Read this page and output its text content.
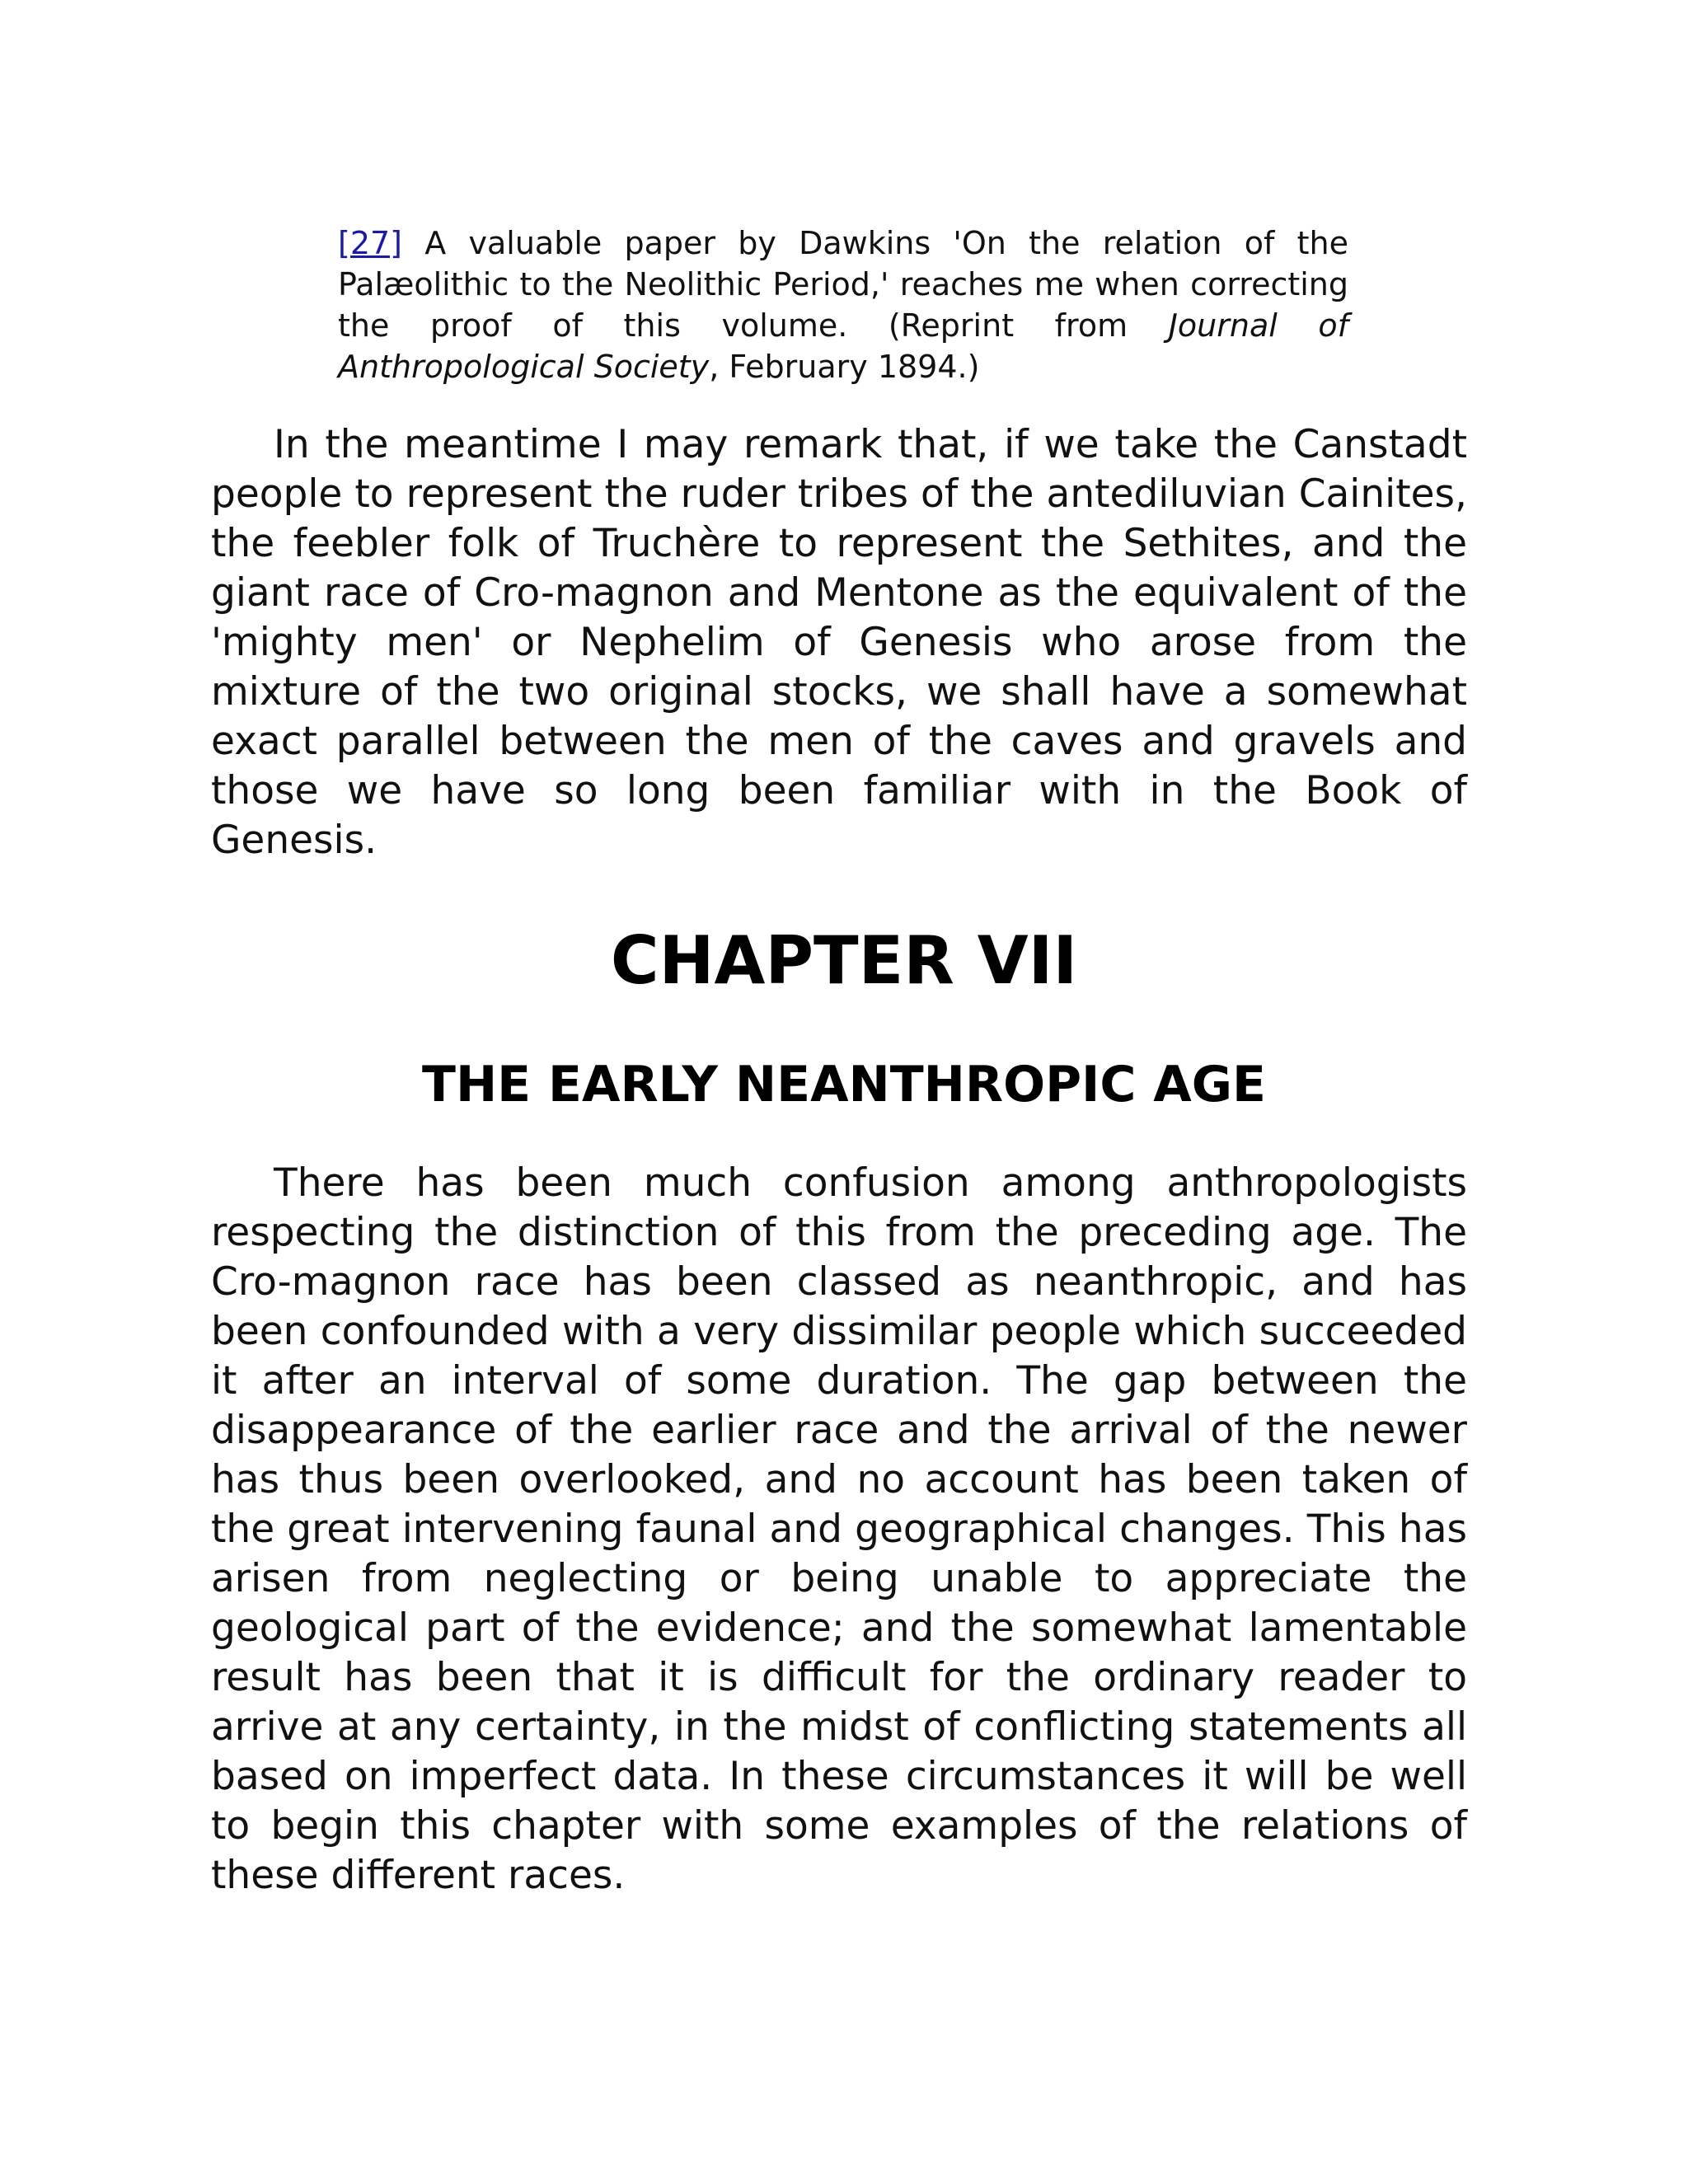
[27] A valuable paper by Dawkins 'On the relation of the Palæolithic to the Neolithic Period,' reaches me when correcting the proof of this volume. (Reprint from Journal of Anthropological Society, February 1894.)

In the meantime I may remark that, if we take the Canstadt people to represent the ruder tribes of the antediluvian Cainites, the feebler folk of Truchère to represent the Sethites, and the giant race of Cro-magnon and Mentone as the equivalent of the 'mighty men' or Nephelim of Genesis who arose from the mixture of the two original stocks, we shall have a somewhat exact parallel between the men of the caves and gravels and those we have so long been familiar with in the Book of Genesis.

CHAPTER VII
THE EARLY NEANTHROPIC AGE

There has been much confusion among anthropologists respecting the distinction of this from the preceding age. The Cro-magnon race has been classed as neanthropic, and has been confounded with a very dissimilar people which succeeded it after an interval of some duration. The gap between the disappearance of the earlier race and the arrival of the newer has thus been overlooked, and no account has been taken of the great intervening faunal and geographical changes. This has arisen from neglecting or being unable to appreciate the geological part of the evidence; and the somewhat lamentable result has been that it is difficult for the ordinary reader to arrive at any certainty, in the midst of conflicting statements all based on imperfect data. In these circumstances it will be well to begin this chapter with some examples of the relations of these different races.
